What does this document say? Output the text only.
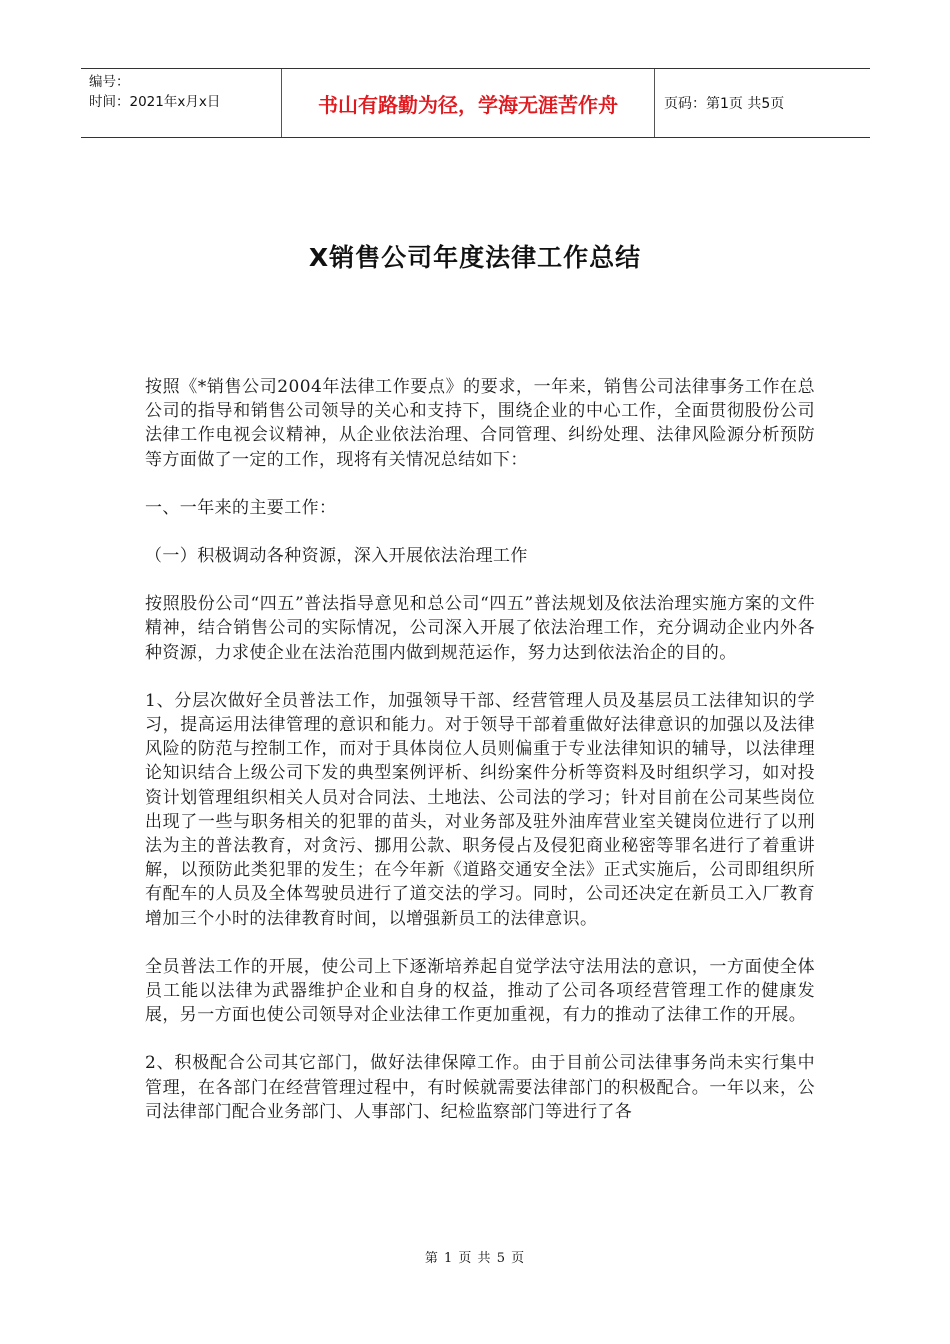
编号：
时间：2021年x月x日	书山有路勤为径，学海无涯苦作舟	页码：第1页 共5页
X销售公司年度法律工作总结

按照《*销售公司2004年法律工作要点》的要求，一年来，销售公司法律事务工作在总公司的指导和销售公司领导的关心和支持下，围绕企业的中心工作，全面贯彻股份公司法律工作电视会议精神，从企业依法治理、合同管理、纠纷处理、法律风险源分析预防等方面做了一定的工作，现将有关情况总结如下：

一、一年来的主要工作：

（一）积极调动各种资源，深入开展依法治理工作

按照股份公司“四五”普法指导意见和总公司“四五”普法规划及依法治理实施方案的文件精神，结合销售公司的实际情况，公司深入开展了依法治理工作，充分调动企业内外各种资源，力求使企业在法治范围内做到规范运作，努力达到依法治企的目的。

1、分层次做好全员普法工作，加强领导干部、经营管理人员及基层员工法律知识的学习，提高运用法律管理的意识和能力。对于领导干部着重做好法律意识的加强以及法律风险的防范与控制工作，而对于具体岗位人员则偏重于专业法律知识的辅导，以法律理论知识结合上级公司下发的典型案例评析、纠纷案件分析等资料及时组织学习，如对投资计划管理组织相关人员对合同法、土地法、公司法的学习；针对目前在公司某些岗位出现了一些与职务相关的犯罪的苗头，对业务部及驻外油库营业室关键岗位进行了以刑法为主的普法教育，对贪污、挪用公款、职务侵占及侵犯商业秘密等罪名进行了着重讲解，以预防此类犯罪的发生；在今年新《道路交通安全法》正式实施后，公司即组织所有配车的人员及全体驾驶员进行了道交法的学习。同时，公司还决定在新员工入厂教育增加三个小时的法律教育时间，以增强新员工的法律意识。

全员普法工作的开展，使公司上下逐渐培养起自觉学法守法用法的意识，一方面使全体员工能以法律为武器维护企业和自身的权益，推动了公司各项经营管理工作的健康发展，另一方面也使公司领导对企业法律工作更加重视，有力的推动了法律工作的开展。

2、积极配合公司其它部门，做好法律保障工作。由于目前公司法律事务尚未实行集中管理，在各部门在经营管理过程中，有时候就需要法律部门的积极配合。一年以来，公司法律部门配合业务部门、人事部门、纪检监察部门等进行了各

第 1 页 共 5 页
